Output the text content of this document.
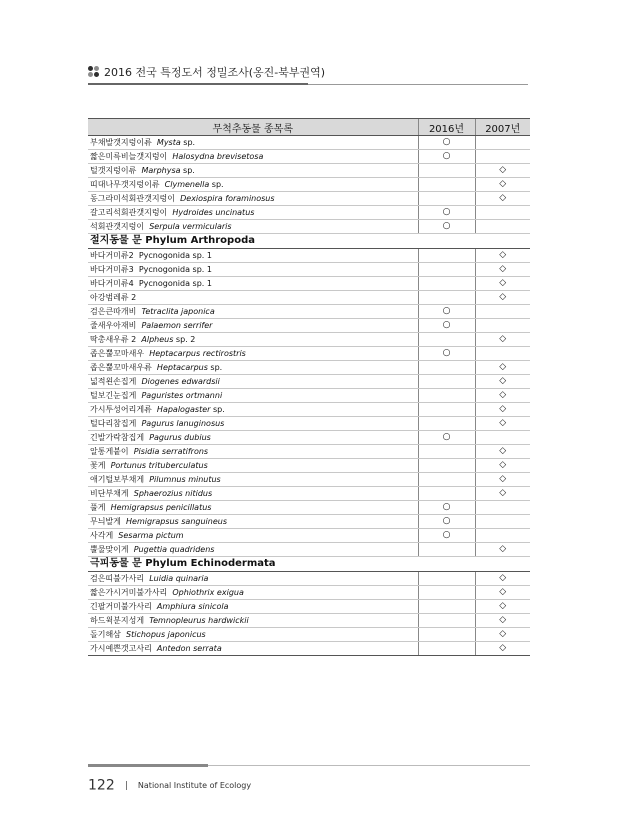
2016 전국 특정도서 정밀조사(옹진-북부권역)
무척추동물 종목록	2016년	2007년
부채발갯지렁이류 Mysta sp.	○	
짧은미륵비늘갯지렁이 Halosydna brevisetosa	○	
털갯지렁이류 Marphysa sp.		◇
띠대나무갯지렁이류 Clymenella sp.		◇
동그라미석회관갯지렁이 Dexiospira foraminosus		◇
갈고리석회관갯지렁이 Hydroides uncinatus	○	
석회관갯지렁이 Serpula vermicularis	○	
절지동물 문 Phylum Arthropoda		
바다거미류2 Pycnogonida sp. 1		◇
바다거미류3 Pycnogonida sp. 1		◇
바다거미류4 Pycnogonida sp. 1		◇
아강범레류 2		◇
검은큰따개비 Tetraclita japonica	○	
줄새우아재비 Palaemon serrifer	○	
딱총새우류 2 Alpheus sp. 2		◇
좁은뿔꼬마새우 Heptacarpus rectirostris	○	
좁은뿔꼬마새우류 Heptacarpus sp.		◇
넓적왼손집게 Diogenes edwardsii		◇
털보긴눈집게 Paguristes ortmanni		◇
가시투성어리게류 Hapalogaster sp.		◇
털다리참집게 Pagurus lanuginosus		◇
긴발가락참집게 Pagurus dubius	○	
알통게붙이 Pisidia serratifrons		◇
꽃게 Portunus trituberculatus		◇
애기털보부채게 Pilumnus minutus		◇
비단부채게 Sphaerozius nitidus		◇
풀게 Hemigrapsus penicillatus	○	
무늬발게 Hemigrapsus sanguineus	○	
사각게 Sesarma pictum	○	
뿔물맞이게 Pugettia quadridens		◇
극피동물 문 Phylum Echinodermata		
검은띠불가사리 Luidia quinaria		◇
짧은가시거미불가사리 Ophiothrix exigua		◇
긴팔거미불가사리 Amphiura sinicola		◇
하드윅분지성게 Temnopleurus hardwickii		◇
돌기해삼 Stichopus japonicus		◇
가시예쁜갯고사리 Antedon serrata		◇
122	National Institute of Ecology
